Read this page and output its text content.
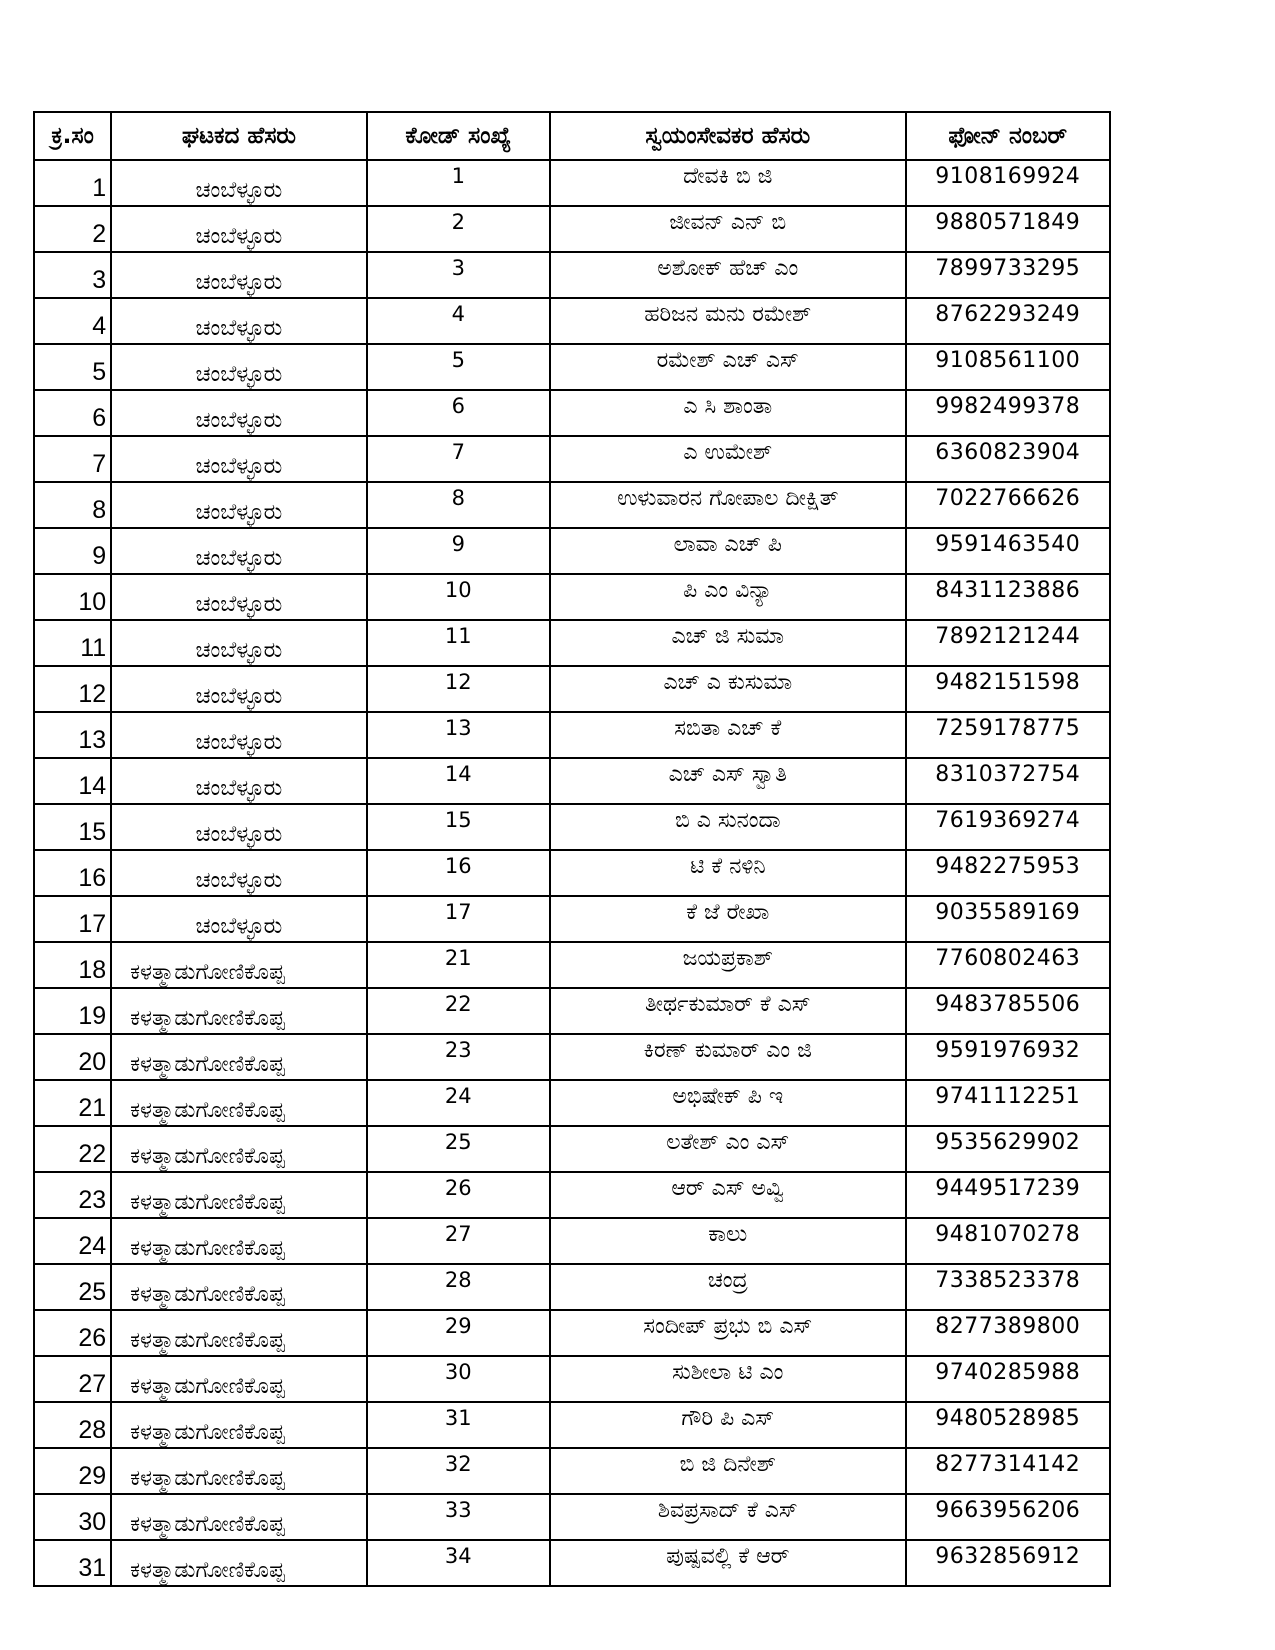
ಕ್ರ.ಸಂ	ಘಟಕದ ಹೆಸರು	ಕೋಡ್ ಸಂಖ್ಯೆ	ಸ್ವಯಂಸೇವಕರ ಹೆಸರು	ಫೋನ್ ನಂಬರ್
1	ಚಂಬೆಳ್ಳೂರು	1	ದೇವಕಿ ಬಿ ಜಿ	9108169924
2	ಚಂಬೆಳ್ಳೂರು	2	ಜೀವನ್ ಎನ್ ಬಿ	9880571849
3	ಚಂಬೆಳ್ಳೂರು	3	ಅಶೋಕ್ ಹೆಚ್ ಎಂ	7899733295
4	ಚಂಬೆಳ್ಳೂರು	4	ಹರಿಜನ ಮನು ರಮೇಶ್	8762293249
5	ಚಂಬೆಳ್ಳೂರು	5	ರಮೇಶ್ ಎಚ್ ಎಸ್	9108561100
6	ಚಂಬೆಳ್ಳೂರು	6	ಎ ಸಿ ಶಾಂತಾ	9982499378
7	ಚಂಬೆಳ್ಳೂರು	7	ಎ ಉಮೇಶ್	6360823904
8	ಚಂಬೆಳ್ಳೂರು	8	ಉಳುವಾರನ ಗೋಪಾಲ ದೀಕ್ಷಿತ್	7022766626
9	ಚಂಬೆಳ್ಳೂರು	9	ಲಾವಾ ಎಚ್ ಪಿ	9591463540
10	ಚಂಬೆಳ್ಳೂರು	10	ಪಿ ಎಂ ವಿನ್ಯಾ	8431123886
11	ಚಂಬೆಳ್ಳೂರು	11	ಎಚ್ ಜಿ ಸುಮಾ	7892121244
12	ಚಂಬೆಳ್ಳೂರು	12	ಎಚ್ ಎ ಕುಸುಮಾ	9482151598
13	ಚಂಬೆಳ್ಳೂರು	13	ಸಬಿತಾ ಎಚ್ ಕೆ	7259178775
14	ಚಂಬೆಳ್ಳೂರು	14	ಎಚ್ ಎಸ್ ಸ್ವಾತಿ	8310372754
15	ಚಂಬೆಳ್ಳೂರು	15	ಬಿ ಎ ಸುನಂದಾ	7619369274
16	ಚಂಬೆಳ್ಳೂರು	16	ಟಿ ಕೆ ನಳಿನಿ	9482275953
17	ಚಂಬೆಳ್ಳೂರು	17	ಕೆ ಜೆ ರೇಖಾ	9035589169
18	ಕಳತ್ಮಾಡುಗೋಣಿಕೊಪ್ಪ	21	ಜಯಪ್ರಕಾಶ್	7760802463
19	ಕಳತ್ಮಾಡುಗೋಣಿಕೊಪ್ಪ	22	ತೀರ್ಥಕುಮಾರ್ ಕೆ ಎಸ್	9483785506
20	ಕಳತ್ಮಾಡುಗೋಣಿಕೊಪ್ಪ	23	ಕಿರಣ್ ಕುಮಾರ್ ಎಂ ಜಿ	9591976932
21	ಕಳತ್ಮಾಡುಗೋಣಿಕೊಪ್ಪ	24	ಅಭಿಷೇಕ್ ಪಿ ಇ	9741112251
22	ಕಳತ್ಮಾಡುಗೋಣಿಕೊಪ್ಪ	25	ಲತೇಶ್ ಎಂ ಎಸ್	9535629902
23	ಕಳತ್ಮಾಡುಗೋಣಿಕೊಪ್ಪ	26	ಆರ್ ಎಸ್ ಅವ್ವಿ	9449517239
24	ಕಳತ್ಮಾಡುಗೋಣಿಕೊಪ್ಪ	27	ಕಾಲು	9481070278
25	ಕಳತ್ಮಾಡುಗೋಣಿಕೊಪ್ಪ	28	ಚಂದ್ರ	7338523378
26	ಕಳತ್ಮಾಡುಗೋಣಿಕೊಪ್ಪ	29	ಸಂದೀಪ್ ಪ್ರಭು ಬಿ ಎಸ್	8277389800
27	ಕಳತ್ಮಾಡುಗೋಣಿಕೊಪ್ಪ	30	ಸುಶೀಲಾ ಟಿ ಎಂ	9740285988
28	ಕಳತ್ಮಾಡುಗೋಣಿಕೊಪ್ಪ	31	ಗೌರಿ ಪಿ ಎಸ್	9480528985
29	ಕಳತ್ಮಾಡುಗೋಣಿಕೊಪ್ಪ	32	ಬಿ ಜಿ ದಿನೇಶ್	8277314142
30	ಕಳತ್ಮಾಡುಗೋಣಿಕೊಪ್ಪ	33	ಶಿವಪ್ರಸಾದ್ ಕೆ ಎಸ್	9663956206
31	ಕಳತ್ಮಾಡುಗೋಣಿಕೊಪ್ಪ	34	ಪುಷ್ಪವಲ್ಲಿ ಕೆ ಆರ್	9632856912
